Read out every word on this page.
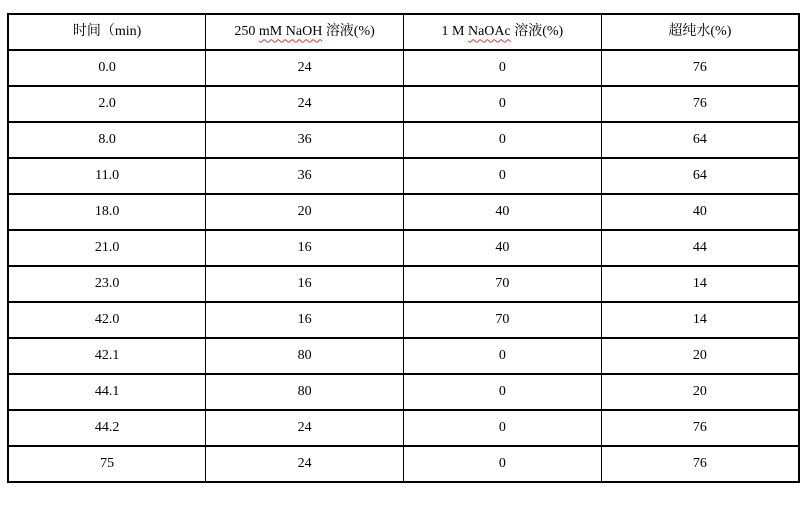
时间（min)	250 mM NaOH 溶液(%)	1 M NaOAc 溶液(%)	超纯水(%)
0.0	24	0	76
2.0	24	0	76
8.0	36	0	64
11.0	36	0	64
18.0	20	40	40
21.0	16	40	44
23.0	16	70	14
42.0	16	70	14
42.1	80	0	20
44.1	80	0	20
44.2	24	0	76
75	24	0	76
